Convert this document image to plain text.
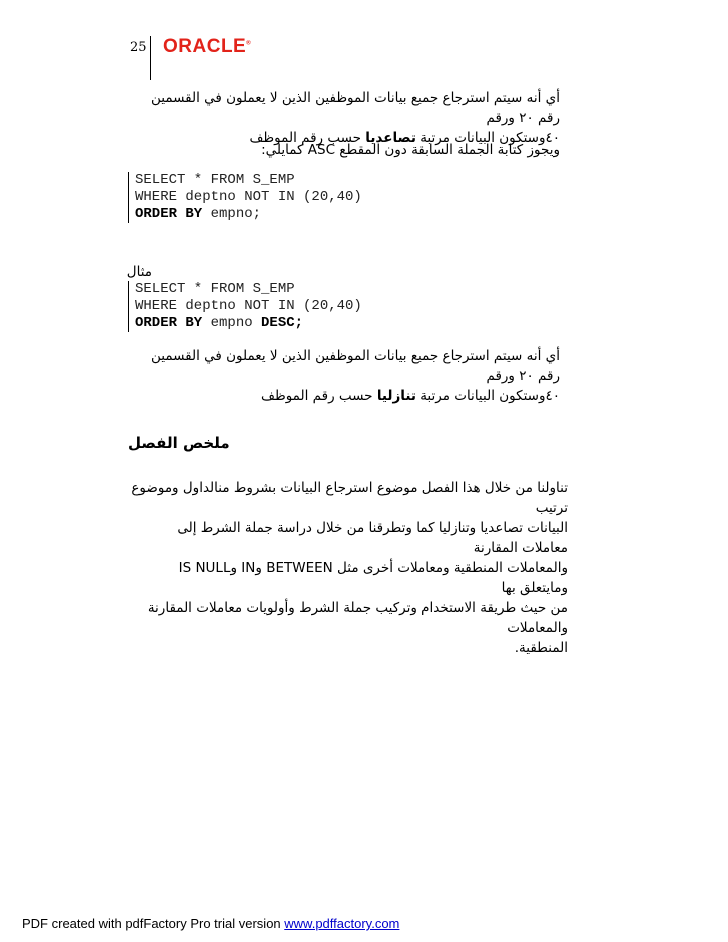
25 ORACLE®
أي أنه سيتم استرجاع جميع بيانات الموظفين الذين لا يعملون في القسمين رقم ٢٠ ورقم
٤٠وستكون البيانات مرتبة تصاعديا حسب رقم الموظف
ويجوز كتابة الجملة السابقة دون المقطع ASC كمايلي:
SELECT * FROM S_EMP
WHERE deptno NOT IN (20,40)
ORDER BY empno;
مثال
SELECT * FROM S_EMP
WHERE deptno NOT IN (20,40)
ORDER BY empno DESC;
أي أنه سيتم استرجاع جميع بيانات الموظفين الذين لا يعملون في القسمين رقم ٢٠ ورقم
٤٠وستكون البيانات مرتبة تنازليا حسب رقم الموظف
ملخص الفصل
تناولنا من خلال هذا الفصل موضوع استرجاع البيانات بشروط منالداول وموضوع ترتيب
البيانات تصاعديا وتنازليا كما وتطرقنا من خلال دراسة جملة الشرط إلى معاملات المقارنة
والمعاملات المنطقية ومعاملات أخرى مثل BETWEEN وIN وIS NULL ومايتعلق بها
من حيث طريقة الاستخدام وتركيب جملة الشرط وأولويات معاملات المقارنة والمعاملات
المنطقية.
PDF created with pdfFactory Pro trial version www.pdffactory.com
